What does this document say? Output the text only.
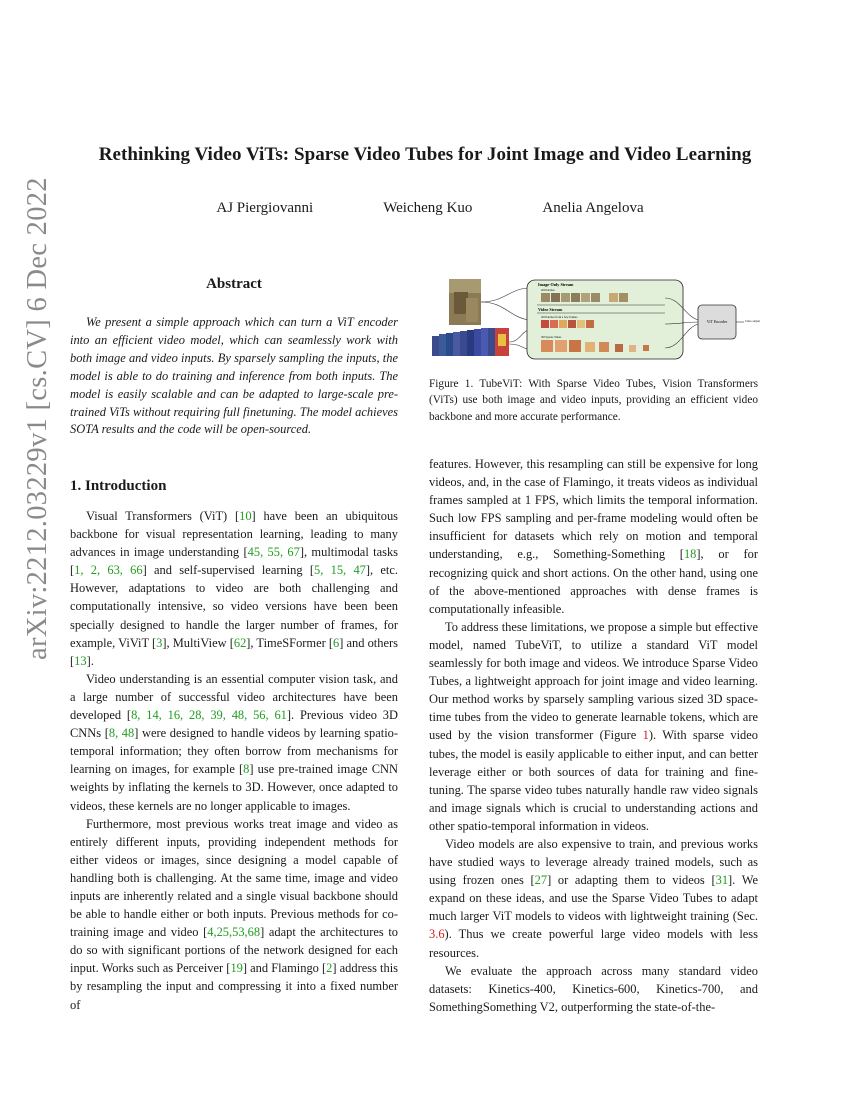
arXiv:2212.03229v1 [cs.CV] 6 Dec 2022
Rethinking Video ViTs: Sparse Video Tubes for Joint Image and Video Learning
AJ Piergiovanni	Weicheng Kuo	Anelia Angelova
Abstract

We present a simple approach which can turn a ViT encoder into an efficient video model, which can seamlessly work with both image and video inputs. By sparsely sampling the inputs, the model is able to do training and inference from both inputs. The model is easily scalable and can be adapted to large-scale pre-trained ViTs without requiring full finetuning. The model achieves SOTA results and the code will be open-sourced.

1. Introduction

Visual Transformers (ViT) [10] have been an ubiquitous backbone for visual representation learning, leading to many advances in image understanding [45, 55, 67], multimodal tasks [1, 2, 63, 66] and self-supervised learning [5, 15, 47], etc. However, adaptations to video are both challenging and computationally intensive, so video versions have been been specially designed to handle the larger number of frames, for example, ViViT [3], MultiView [62], TimeSFormer [6] and others [13].

Video understanding is an essential computer vision task, and a large number of successful video architectures have been developed [8, 14, 16, 28, 39, 48, 56, 61]. Previous video 3D CNNs [8, 48] were designed to handle videos by learning spatio-temporal information; they often borrow from mechanisms for learning on images, for example [8] use pre-trained image CNN weights by inflating the kernels to 3D. However, once adapted to videos, these kernels are no longer applicable to images.

Furthermore, most previous works treat image and video as entirely different inputs, providing independent methods for either videos or images, since designing a model capable of handling both is challenging. At the same time, image and video inputs are inherently related and a single visual backbone should be able to handle either or both inputs. Previous methods for co-training image and video [4,25,53,68] adapt the architectures to do so with significant portions of the network designed for each input. Works such as Perceiver [19] and Flamingo [2] address this by resampling the input and compressing it into a fixed number of

Image-Only Stream
2D Patches
Video Stream
2D Patches from a few frames
3D Sparse Tubes
ViT Encoder	Class output

Figure 1. TubeViT: With Sparse Video Tubes, Vision Transformers (ViTs) use both image and video inputs, providing an efficient video backbone and more accurate performance.

features. However, this resampling can still be expensive for long videos, and, in the case of Flamingo, it treats videos as individual frames sampled at 1 FPS, which limits the temporal information. Such low FPS sampling and per-frame modeling would often be insufficient for datasets which rely on motion and temporal understanding, e.g., Something-Something [18], or for recognizing quick and short actions. On the other hand, using one of the above-mentioned approaches with dense frames is computationally infeasible.

To address these limitations, we propose a simple but effective model, named TubeViT, to utilize a standard ViT model seamlessly for both image and videos. We introduce Sparse Video Tubes, a lightweight approach for joint image and video learning. Our method works by sparsely sampling various sized 3D space-time tubes from the video to generate learnable tokens, which are used by the vision transformer (Figure 1). With sparse video tubes, the model is easily applicable to either input, and can better leverage either or both sources of data for training and fine-tuning. The sparse video tubes naturally handle raw video signals and image signals which is crucial to understanding actions and other spatio-temporal information in videos.

Video models are also expensive to train, and previous works have studied ways to leverage already trained models, such as using frozen ones [27] or adapting them to videos [31]. We expand on these ideas, and use the Sparse Video Tubes to adapt much larger ViT models to videos with lightweight training (Sec. 3.6). Thus we create powerful large video models with less resources.

We evaluate the approach across many standard video datasets: Kinetics-400, Kinetics-600, Kinetics-700, and SomethingSomething V2, outperforming the state-of-the-
